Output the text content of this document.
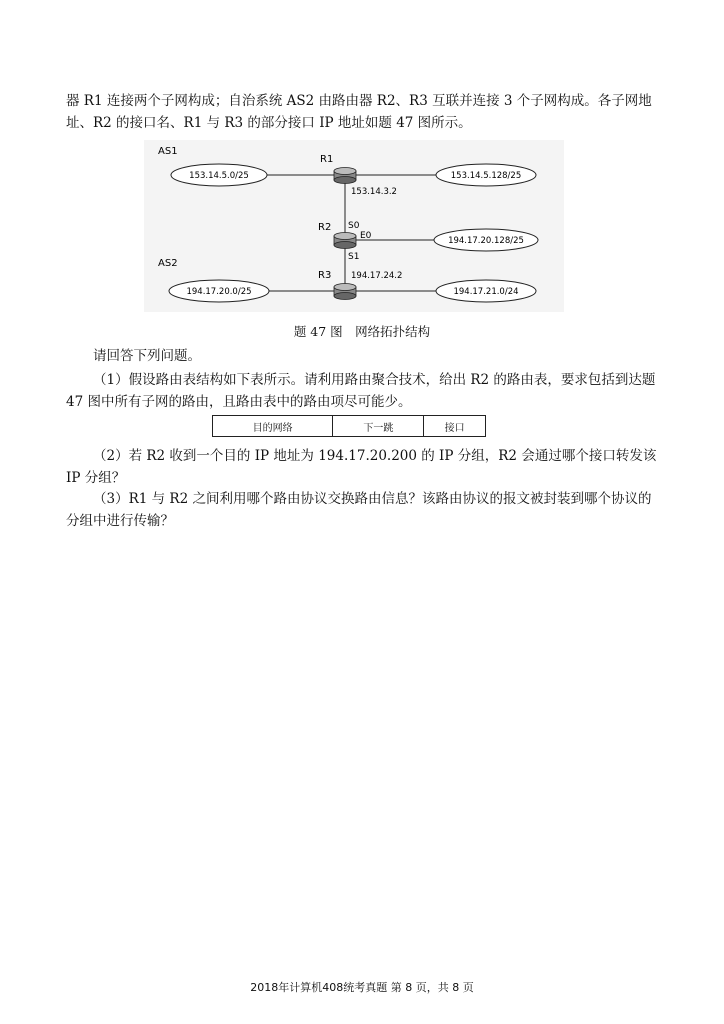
器 R1 连接两个子网构成；自治系统 AS2 由路由器 R2、R3 互联并连接 3 个子网构成。各子网地址、R2 的接口名、R1 与 R3 的部分接口 IP 地址如题 47 图所示。

AS1
AS2
R1
R2
R3
153.14.5.0/25	153.14.5.128/25
153.14.3.2
S0
E0
S1
194.17.20.128/25
194.17.24.2
194.17.20.0/25	194.17.21.0/24
题 47 图　网络拓扑结构

请回答下列问题。

（1）假设路由表结构如下表所示。请利用路由聚合技术，给出 R2 的路由表，要求包括到达题 47 图中所有子网的路由，且路由表中的路由项尽可能少。

目的网络	下一跳	接口

（2）若 R2 收到一个目的 IP 地址为 194.17.20.200 的 IP 分组，R2 会通过哪个接口转发该 IP 分组？

（3）R1 与 R2 之间利用哪个路由协议交换路由信息？该路由协议的报文被封装到哪个协议的分组中进行传输？

2018年计算机408统考真题 第 8 页，共 8 页
